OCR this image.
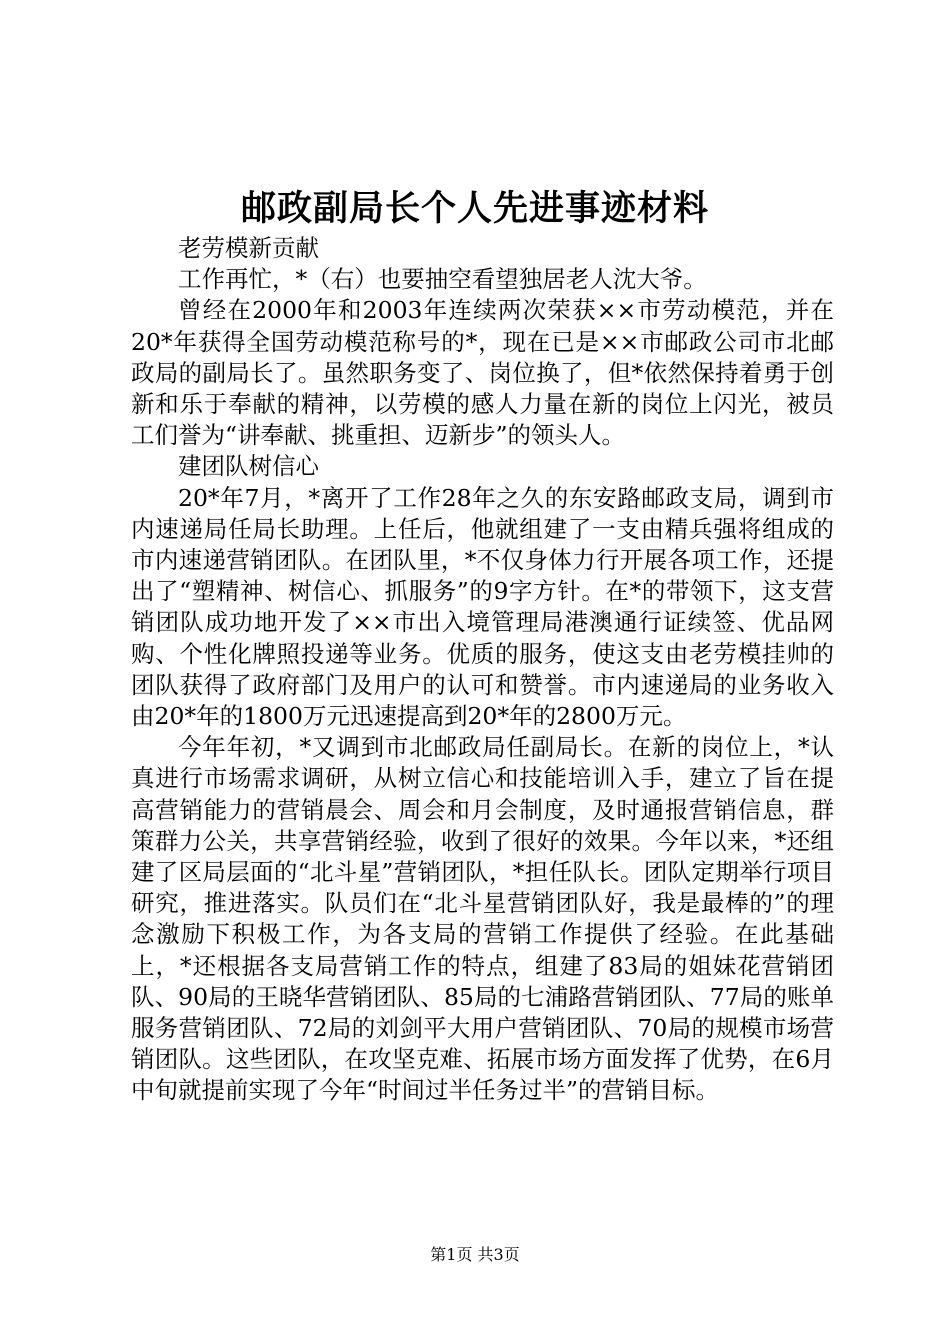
邮政副局长个人先进事迹材料

老劳模新贡献

工作再忙，*（右）也要抽空看望独居老人沈大爷。

曾经在2000年和2003年连续两次荣获××市劳动模范，并在20*年获得全国劳动模范称号的*，现在已是××市邮政公司市北邮政局的副局长了。虽然职务变了、岗位换了，但*依然保持着勇于创新和乐于奉献的精神，以劳模的感人力量在新的岗位上闪光，被员工们誉为“讲奉献、挑重担、迈新步”的领头人。

建团队树信心

20*年7月，*离开了工作28年之久的东安路邮政支局，调到市内速递局任局长助理。上任后，他就组建了一支由精兵强将组成的市内速递营销团队。在团队里，*不仅身体力行开展各项工作，还提出了“塑精神、树信心、抓服务”的9字方针。在*的带领下，这支营销团队成功地开发了××市出入境管理局港澳通行证续签、优品网购、个性化牌照投递等业务。优质的服务，使这支由老劳模挂帅的团队获得了政府部门及用户的认可和赞誉。市内速递局的业务收入由20*年的1800万元迅速提高到20*年的2800万元。

今年年初，*又调到市北邮政局任副局长。在新的岗位上，*认真进行市场需求调研，从树立信心和技能培训入手，建立了旨在提高营销能力的营销晨会、周会和月会制度，及时通报营销信息，群策群力公关，共享营销经验，收到了很好的效果。今年以来，*还组建了区局层面的“北斗星”营销团队，*担任队长。团队定期举行项目研究，推进落实。队员们在“北斗星营销团队好，我是最棒的”的理念激励下积极工作，为各支局的营销工作提供了经验。在此基础上，*还根据各支局营销工作的特点，组建了83局的姐妹花营销团队、90局的王晓华营销团队、85局的七浦路营销团队、77局的账单服务营销团队、72局的刘剑平大用户营销团队、70局的规模市场营销团队。这些团队，在攻坚克难、拓展市场方面发挥了优势，在6月中旬就提前实现了今年“时间过半任务过半”的营销目标。

第1页 共3页
